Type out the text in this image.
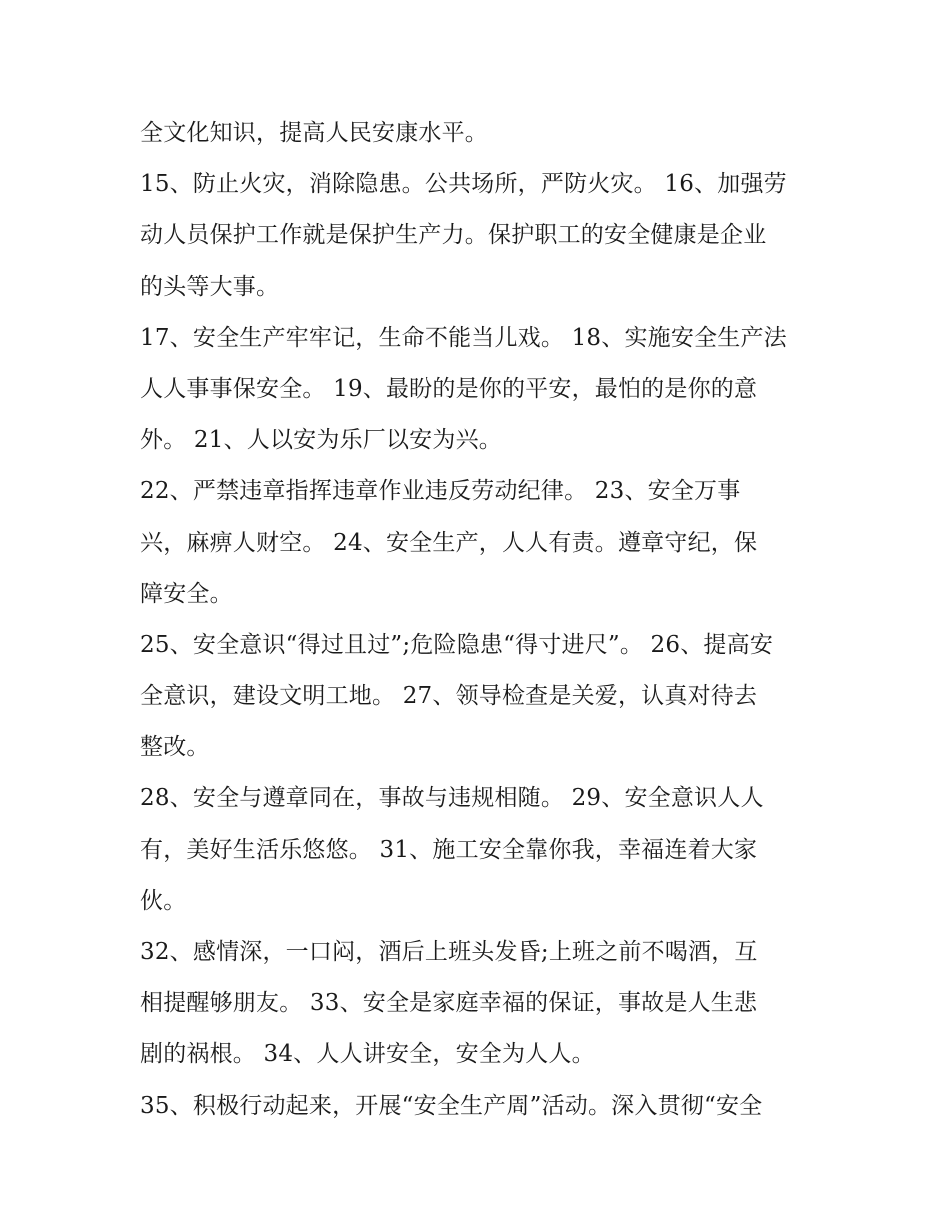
全文化知识，提高人民安康水平。
15、防止火灾，消除隐患。公共场所，严防火灾。 16、加强劳
动人员保护工作就是保护生产力。保护职工的安全健康是企业
的头等大事。
17、安全生产牢牢记，生命不能当儿戏。 18、实施安全生产法
人人事事保安全。 19、最盼的是你的平安，最怕的是你的意
外。 21、人以安为乐厂以安为兴。
22、严禁违章指挥违章作业违反劳动纪律。 23、安全万事
兴，麻痹人财空。 24、安全生产，人人有责。遵章守纪，保
障安全。
25、安全意识“得过且过”;危险隐患“得寸进尺”。 26、提高安
全意识，建设文明工地。 27、领导检查是关爱，认真对待去
整改。
28、安全与遵章同在，事故与违规相随。 29、安全意识人人
有，美好生活乐悠悠。 31、施工安全靠你我，幸福连着大家
伙。
32、感情深，一口闷，酒后上班头发昏;上班之前不喝酒，互
相提醒够朋友。 33、安全是家庭幸福的保证，事故是人生悲
剧的祸根。 34、人人讲安全，安全为人人。
35、积极行动起来，开展“安全生产周”活动。深入贯彻“安全
